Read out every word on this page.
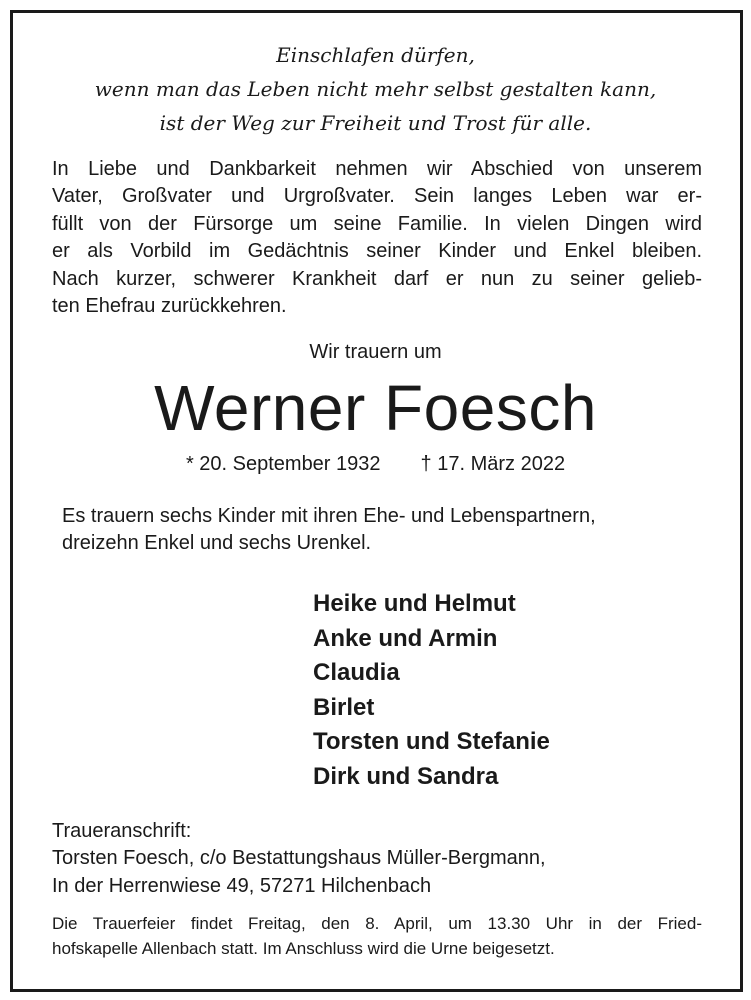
Einschlafen dürfen,
wenn man das Leben nicht mehr selbst gestalten kann,
ist der Weg zur Freiheit und Trost für alle.
In Liebe und Dankbarkeit nehmen wir Abschied von unserem
Vater, Großvater und Urgroßvater. Sein langes Leben war er-
füllt von der Fürsorge um seine Familie. In vielen Dingen wird
er als Vorbild im Gedächtnis seiner Kinder und Enkel bleiben.
Nach kurzer, schwerer Krankheit darf er nun zu seiner gelieb-
ten Ehefrau zurückkehren.
Wir trauern um
Werner Foesch
* 20. September 1932 † 17. März 2022
Es trauern sechs Kinder mit ihren Ehe- und Lebenspartnern,
dreizehn Enkel und sechs Urenkel.
Heike und Helmut
Anke und Armin
Claudia
Birlet
Torsten und Stefanie
Dirk und Sandra
Traueranschrift:
Torsten Foesch, c/o Bestattungshaus Müller-Bergmann,
In der Herrenwiese 49, 57271 Hilchenbach
Die Trauerfeier findet Freitag, den 8. April, um 13.30 Uhr in der Fried-
hofskapelle Allenbach statt. Im Anschluss wird die Urne beigesetzt.
